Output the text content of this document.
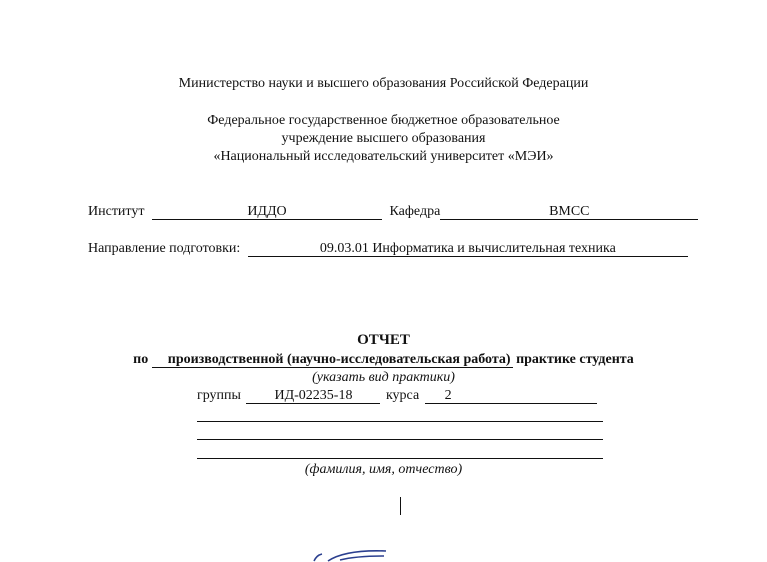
Министерство науки и высшего образования Российской Федерации
Федеральное государственное бюджетное образовательное
учреждение высшего образования
«Национальный исследовательский университет «МЭИ»
Институт	ИДДО	Кафедра	ВМСС
Направление подготовки:	09.03.01 Информатика и вычислительная техника
ОТЧЕТ
по производственной (научно-исследовательская работа) практике студента
(указать вид практики)
группы ИД-02235-18 курса 2
(фамилия, имя, отчество)
